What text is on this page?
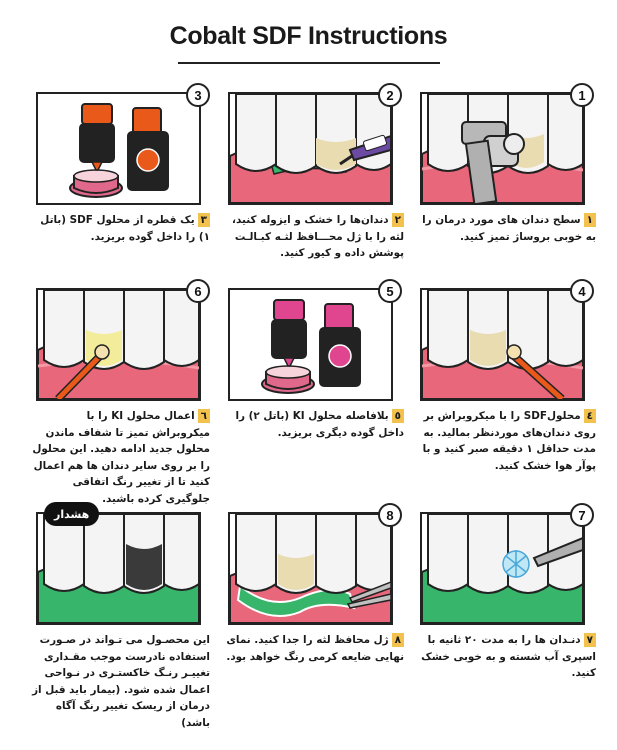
Cobalt SDF Instructions
1
2
3
١سطح دندان های مورد درمان را به خوبی بروساژ تمیز کنید.
٢دندان‌ها را خشک و ایزوله کنید، لثه را با ژل محـــافظ لثـه کبـالـت پوشش داده و کیور کنید.
٣یک قطره از محلول SDF (باتل ۱) را داخل گوده بریزید.
4
5
6
٤محلولSDF را با میکروبراش بر روی دندان‌های موردنظر بمالید. به مدت حداقل ۱ دقیقه صبر کنید و با پوآر هوا خشک کنید.
٥بلافاصله محلول KI (باتل ۲) را داخل گوده دیگری بریزید.
٦اعمال محلول KI را با میکروبراش تمیز تا شفاف ماندن محلول جدید ادامه دهید. این محلول را بر روی سایر دندان ها هم اعمال کنید تا از تغییر رنگ اتفاقی جلوگیری کرده باشید.
7
8
هشدار
٧دنـدان ها را به مدت ۲۰ ثانیه با اسپری آب شسته و به خوبی خشک کنید.
٨ژل محافظ لثه را جدا کنید. نمای نهایی ضایعه کرمی رنگ خواهد بود.
این محصـول می تـواند در صـورت استفاده نادرست موجب مقـداری تغییـر رنـگ خاکستـری در نـواحی اعمال شده شود. (بیمار باید قبل از درمان از ریسک تغییر رنگ آگاه باشد)
